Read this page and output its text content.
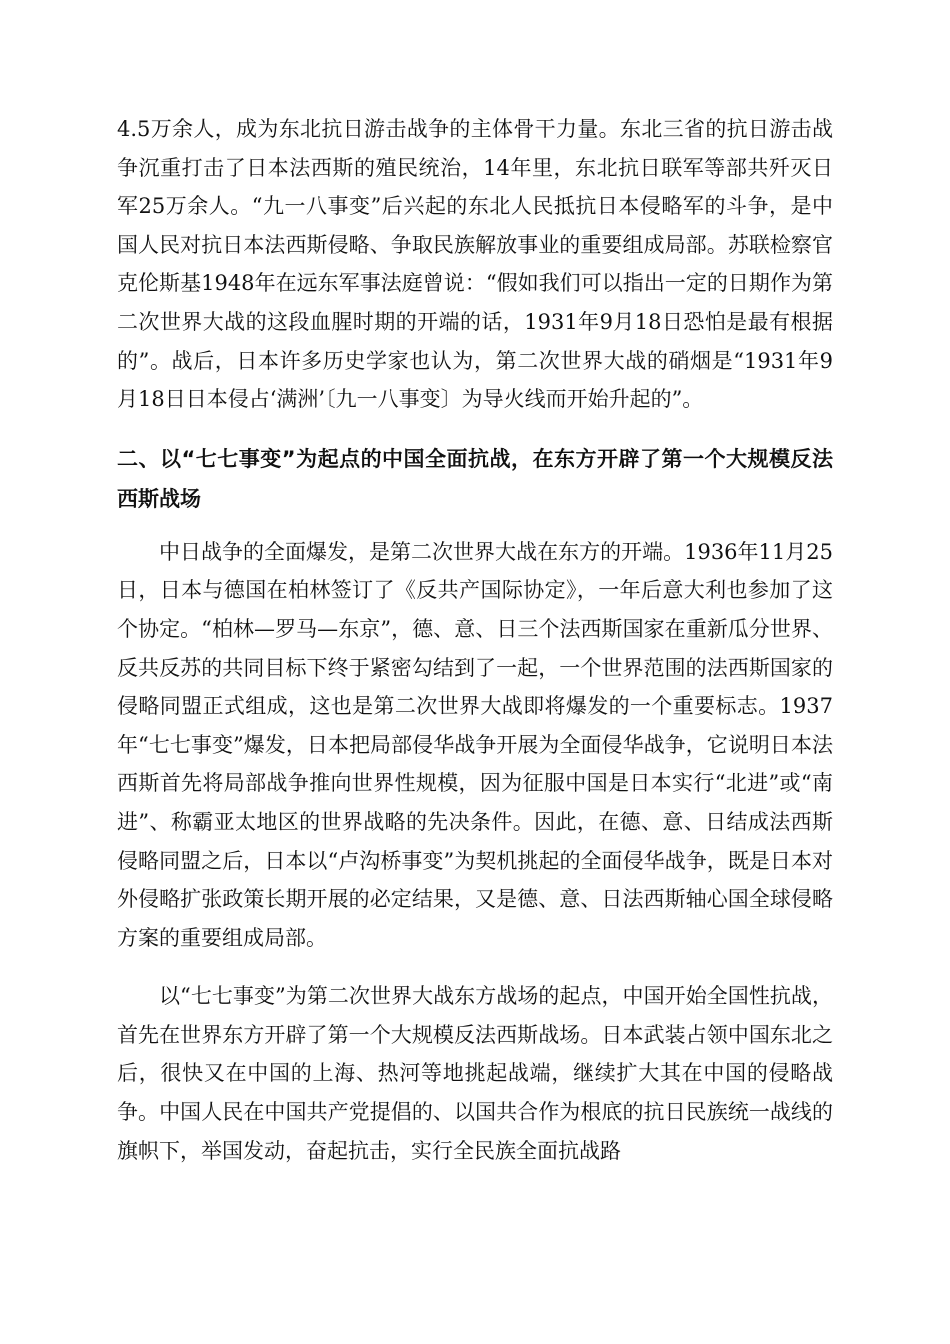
4.5万余人，成为东北抗日游击战争的主体骨干力量。东北三省的抗日游击战争沉重打击了日本法西斯的殖民统治，14年里，东北抗日联军等部共歼灭日军25万余人。“九一八事变”后兴起的东北人民抵抗日本侵略军的斗争，是中国人民对抗日本法西斯侵略、争取民族解放事业的重要组成局部。苏联检察官克伦斯基1948年在远东军事法庭曾说：“假如我们可以指出一定的日期作为第二次世界大战的这段血腥时期的开端的话，1931年9月18日恐怕是最有根据的”。战后，日本许多历史学家也认为，第二次世界大战的硝烟是“1931年9月18日日本侵占‘满洲’〔九一八事变〕为导火线而开始升起的”。

二、以“七七事变”为起点的中国全面抗战，在东方开辟了第一个大规模反法西斯战场

中日战争的全面爆发，是第二次世界大战在东方的开端。1936年11月25日，日本与德国在柏林签订了《反共产国际协定》，一年后意大利也参加了这个协定。“柏林—罗马—东京”，德、意、日三个法西斯国家在重新瓜分世界、反共反苏的共同目标下终于紧密勾结到了一起，一个世界范围的法西斯国家的侵略同盟正式组成，这也是第二次世界大战即将爆发的一个重要标志。1937年“七七事变”爆发，日本把局部侵华战争开展为全面侵华战争，它说明日本法西斯首先将局部战争推向世界性规模，因为征服中国是日本实行“北进”或“南进”、称霸亚太地区的世界战略的先决条件。因此，在德、意、日结成法西斯侵略同盟之后，日本以“卢沟桥事变”为契机挑起的全面侵华战争，既是日本对外侵略扩张政策长期开展的必定结果，又是德、意、日法西斯轴心国全球侵略方案的重要组成局部。

以“七七事变”为第二次世界大战东方战场的起点，中国开始全国性抗战，首先在世界东方开辟了第一个大规模反法西斯战场。日本武装占领中国东北之后，很快又在中国的上海、热河等地挑起战端，继续扩大其在中国的侵略战争。中国人民在中国共产党提倡的、以国共合作为根底的抗日民族统一战线的旗帜下，举国发动，奋起抗击，实行全民族全面抗战路
